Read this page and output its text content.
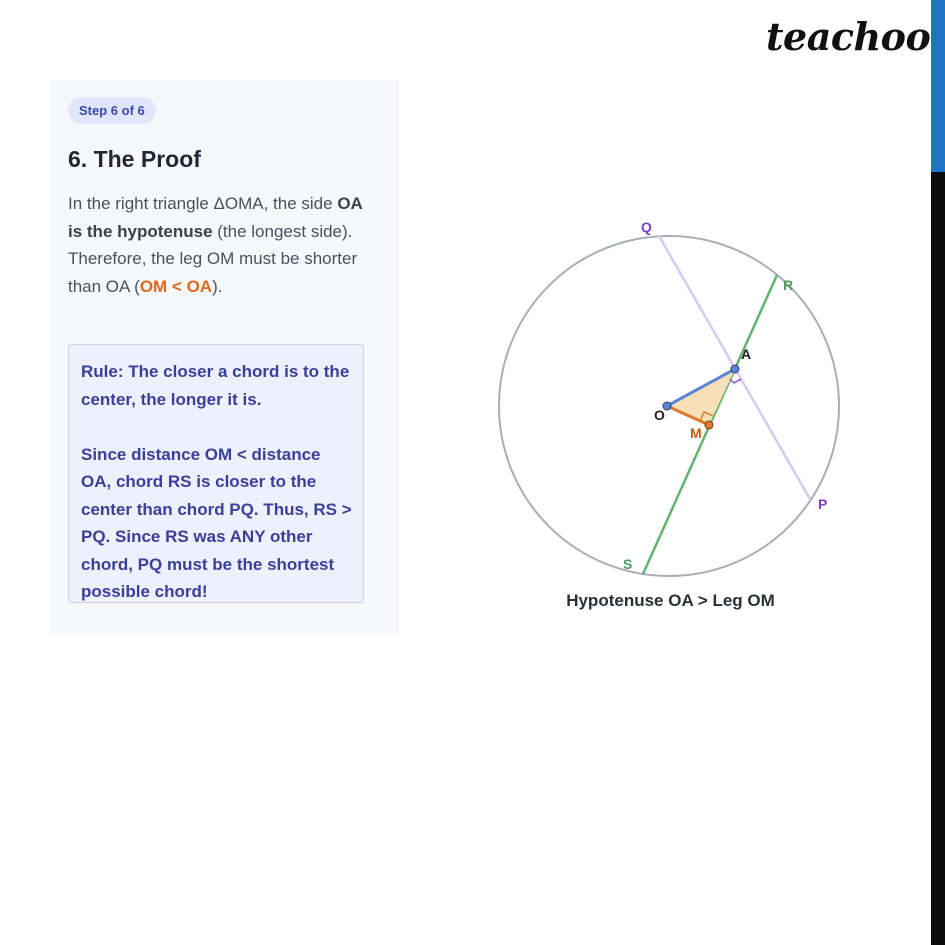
teachoo
Step 6 of 6
6. The Proof
In the right triangle ΔOMA, the side OA is the hypotenuse (the longest side). Therefore, the leg OM must be shorter than OA (OM < OA).

Rule: The closer a chord is to the center, the longer it is.

Since distance OM < distance OA, chord RS is closer to the center than chord PQ. Thus, RS > PQ. Since RS was ANY other chord, PQ must be the shortest possible chord!

Q
R
A
O
M
P
S
Hypotenuse OA > Leg OM
